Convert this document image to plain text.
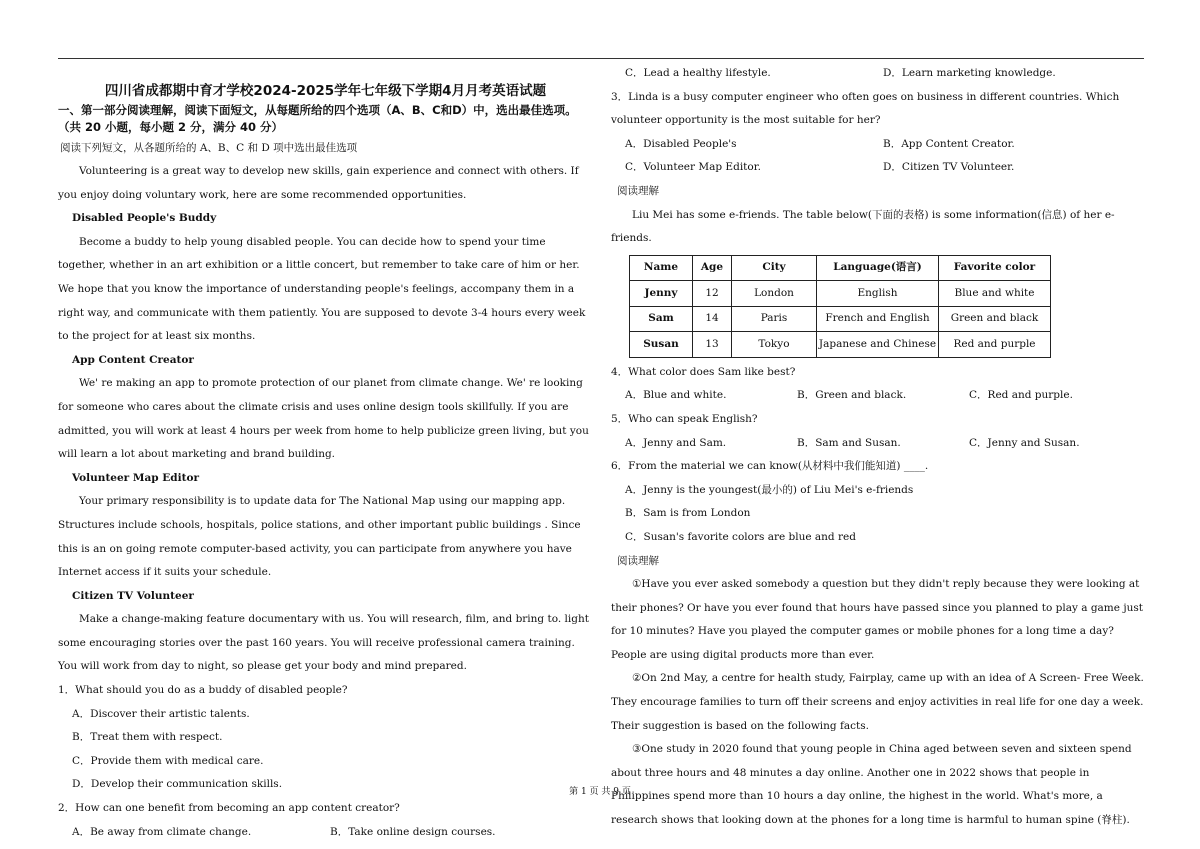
四川省成都期中育才学校2024-2025学年七年级下学期4月月考英语试题

一、第一部分阅读理解，阅读下面短文，从每题所给的四个选项（A、B、C和D）中，选出最佳选项。（共 20 小题，每小题 2 分，满分 40 分）

阅读下列短文，从各题所给的 A、B、C 和 D 项中选出最佳选项

Volunteering is a great way to develop new skills, gain experience and connect with others. If you enjoy doing voluntary work, here are some recommended opportunities.

Disabled People's Buddy

Become a buddy to help young disabled people. You can decide how to spend your time together, whether in an art exhibition or a little concert, but remember to take care of him or her. We hope that you know the importance of understanding people's feelings, accompany them in a right way, and communicate with them patiently. You are supposed to devote 3-4 hours every week to the project for at least six months.

App Content Creator

We' re making an app to promote protection of our planet from climate change. We' re looking for someone who cares about the climate crisis and uses online design tools skillfully. If you are admitted, you will work at least 4 hours per week from home to help publicize green living, but you will learn a lot about marketing and brand building.

Volunteer Map Editor

Your primary responsibility is to update data for The National Map using our mapping app. Structures include schools, hospitals, police stations, and other important public buildings . Since this is an on going remote computer-based activity, you can participate from anywhere you have Internet access if it suits your schedule.

Citizen TV Volunteer

Make a change-making feature documentary with us. You will research, film, and bring to. light some encouraging stories over the past 160 years. You will receive professional camera training. You will work from day to night, so please get your body and mind prepared.

1．What should you do as a buddy of disabled people?

A．Discover their artistic talents.

B．Treat them with respect.

C．Provide them with medical care.

D．Develop their communication skills.

2．How can one benefit from becoming an app content creator?

A．Be away from climate change.	B．Take online design courses.
C．Lead a healthy lifestyle.	D．Learn marketing knowledge.

3．Linda is a busy computer engineer who often goes on business in different countries. Which volunteer opportunity is the most suitable for her?

A．Disabled People's	B．App Content Creator.
C．Volunteer Map Editor.	D．Citizen TV Volunteer.

阅读理解

Liu Mei has some e-friends. The table below(下面的表格) is some information(信息) of her e-friends.

Name	Age	City	Language(语言)	Favorite color
Jenny	12	London	English	Blue and white
Sam	14	Paris	French and English	Green and black
Susan	13	Tokyo	Japanese and Chinese	Red and purple

4．What color does Sam like best?

A．Blue and white.	B．Green and black.	C．Red and purple.

5．Who can speak English?

A．Jenny and Sam.	B．Sam and Susan.	C．Jenny and Susan.

6．From the material we can know(从材料中我们能知道) ____.

A．Jenny is the youngest(最小的) of Liu Mei's e-friends

B．Sam is from London

C．Susan's favorite colors are blue and red

阅读理解

①Have you ever asked somebody a question but they didn't reply because they were looking at their phones? Or have you ever found that hours have passed since you planned to play a game just for 10 minutes? Have you played the computer games or mobile phones for a long time a day? People are using digital products more than ever.

②On 2nd May, a centre for health study, Fairplay, came up with an idea of A Screen- Free Week. They encourage families to turn off their screens and enjoy activities in real life for one day a week. Their suggestion is based on the following facts.

③One study in 2020 found that young people in China aged between seven and sixteen spend about three hours and 48 minutes a day online. Another one in 2022 shows that people in Philippines spend more than 10 hours a day online, the highest in the world. What's more, a research shows that looking down at the phones for a long time is harmful to human spine (脊柱).

第 1 页 共 9 页
